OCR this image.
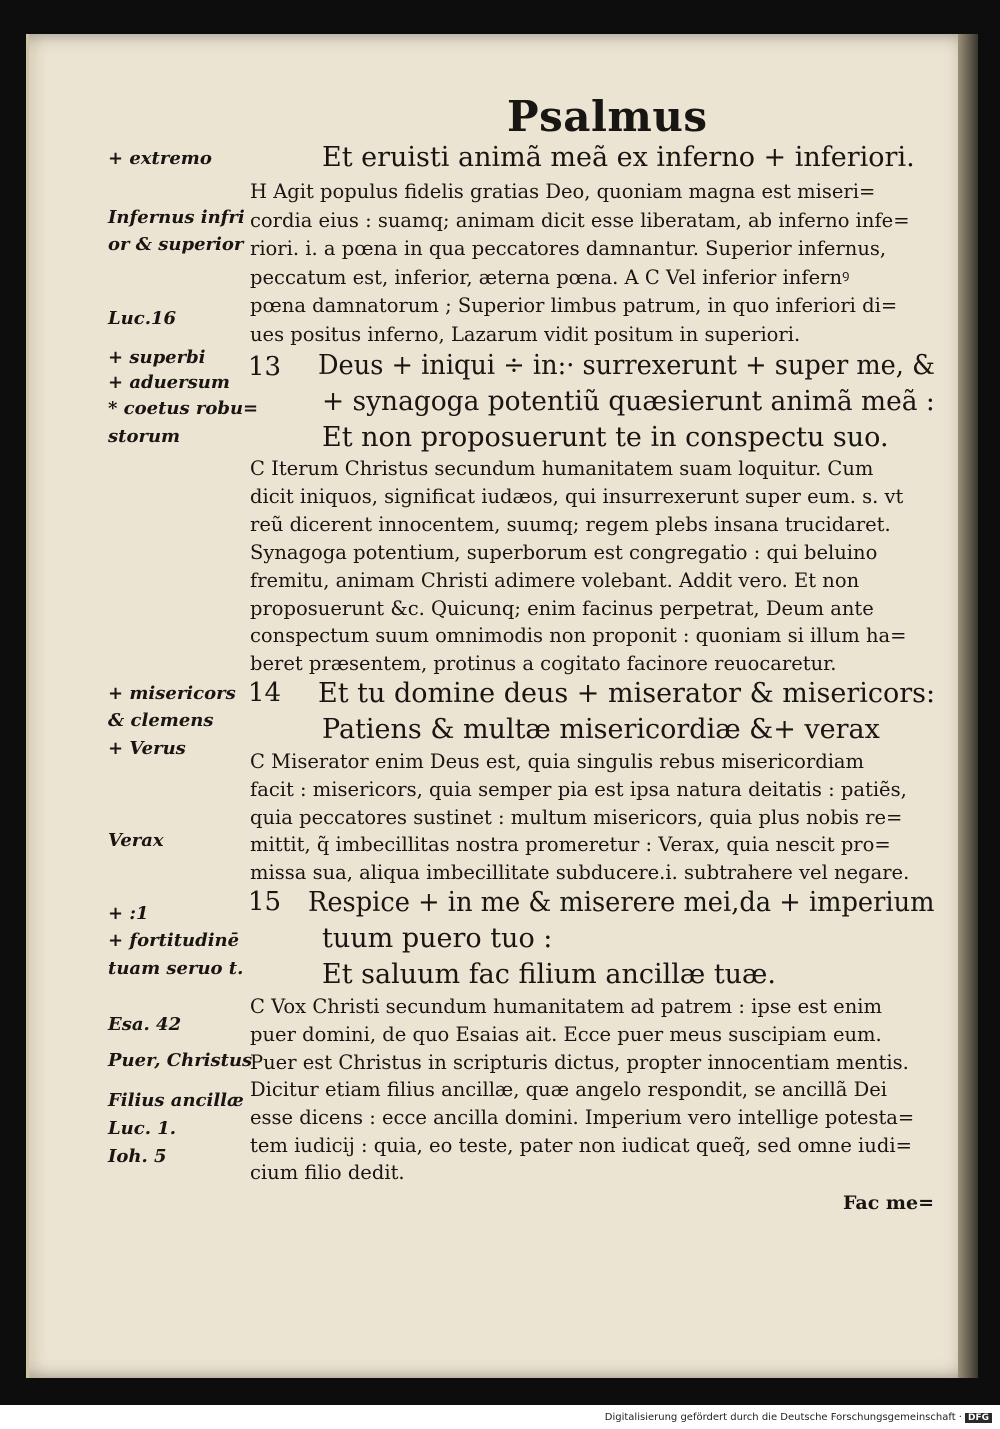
Psalmus
+ extremo
Infernus infri
or & superior
Luc.16
+ superbi
+ aduersum
* coetus robu=
storum
+ misericors
& clemens
+ Verus
Verax
+ :1
+ fortitudinē
tuam seruo t.
Esa. 42
Puer, Christus
Filius ancillæ
Luc. 1.
Ioh. 5
13
14
15
Et eruisti animã meã ex inferno + inferiori.
H Agit populus fidelis gratias Deo, quoniam magna est miseri=
cordia eius : suamq; animam dicit esse liberatam, ab inferno infe=
riori. i. a pœna in qua peccatores damnantur. Superior infernus,
peccatum est, inferior, æterna pœna. A C Vel inferior infernꝰ
pœna damnatorum ; Superior limbus patrum, in quo inferiori di=
ues positus inferno, Lazarum vidit positum in superiori.
Deus + iniqui ÷ in:· surrexerunt + super me, &
+ synagoga potentiũ quæsierunt animã meã :
Et non proposuerunt te in conspectu suo.
C Iterum Christus secundum humanitatem suam loquitur. Cum
dicit iniquos, significat iudæos, qui insurrexerunt super eum. s. vt
reũ dicerent innocentem, suumq; regem plebs insana trucidaret.
Synagoga potentium, superborum est congregatio : qui beluino
fremitu, animam Christi adimere volebant. Addit vero. Et non
proposuerunt &c. Quicunq; enim facinus perpetrat, Deum ante
conspectum suum omnimodis non proponit : quoniam si illum ha=
beret præsentem, protinus a cogitato facinore reuocaretur.
Et tu domine deus + miserator & misericors:
Patiens & multæ misericordiæ &+ verax
C Miserator enim Deus est, quia singulis rebus misericordiam
facit : misericors, quia semper pia est ipsa natura deitatis : patiẽs,
quia peccatores sustinet : multum misericors, quia plus nobis re=
mittit, q̃ imbecillitas nostra promeretur : Verax, quia nescit pro=
missa sua, aliqua imbecillitate subducere.i. subtrahere vel negare.
Respice + in me & miserere mei,da + imperium
tuum puero tuo :
Et saluum fac filium ancillæ tuæ.
C Vox Christi secundum humanitatem ad patrem : ipse est enim
puer domini, de quo Esaias ait. Ecce puer meus suscipiam eum.
Puer est Christus in scripturis dictus, propter innocentiam mentis.
Dicitur etiam filius ancillæ, quæ angelo respondit, se ancillã Dei
esse dicens : ecce ancilla domini. Imperium vero intellige potesta=
tem iudicij : quia, eo teste, pater non iudicat queq̃, sed omne iudi=
cium filio dedit.
Fac me=
Digitalisierung gefördert durch die Deutsche Forschungsgemeinschaft · DFG
